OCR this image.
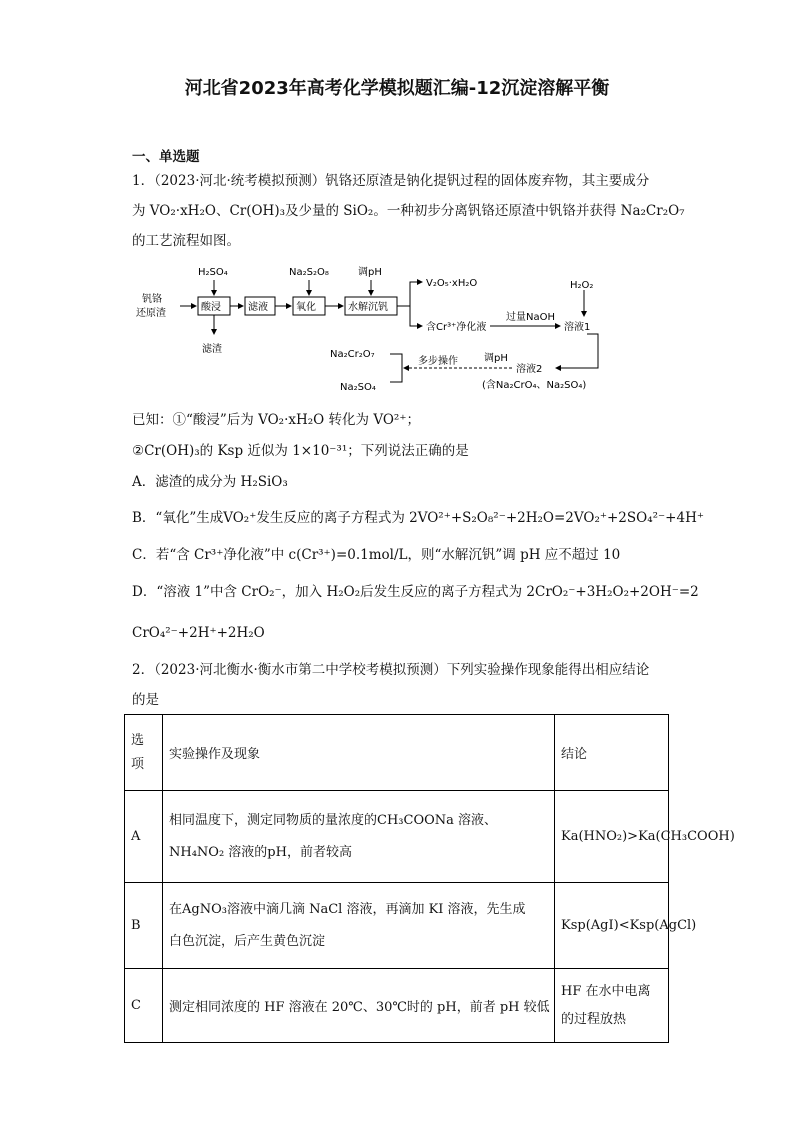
河北省2023年高考化学模拟题汇编-12沉淀溶解平衡
一、单选题
1．（2023·河北·统考模拟预测）钒铬还原渣是钠化提钒过程的固体废弃物，其主要成分
为 VO₂·xH₂O、Cr(OH)₃及少量的 SiO₂。一种初步分离钒铬还原渣中钒铬并获得 Na₂Cr₂O₇
的工艺流程如图。
钒铬
还原渣
酸浸	滤液	氧化	水解沉钒
H₂SO₄	Na₂S₂O₈	调pH
滤渣
V₂O₅·xH₂O
含Cr³⁺净化液
过量NaOH
H₂O₂
溶液1
调pH
溶液2
(含Na₂CrO₄、Na₂SO₄)
多步操作
Na₂Cr₂O₇
Na₂SO₄
已知：①“酸浸”后为 VO₂·xH₂O 转化为 VO²⁺；
②Cr(OH)₃的 Ksp 近似为 1×10⁻³¹；下列说法正确的是
A．滤渣的成分为 H₂SiO₃
B．“氧化”生成VO₂⁺发生反应的离子方程式为 2VO²⁺+S₂O₈²⁻+2H₂O=2VO₂⁺+2SO₄²⁻+4H⁺
C．若“含 Cr³⁺净化液”中 c(Cr³⁺)=0.1mol/L，则“水解沉钒”调 pH 应不超过 10
D．“溶液 1”中含 CrO₂⁻，加入 H₂O₂后发生反应的离子方程式为 2CrO₂⁻+3H₂O₂+2OH⁻=2
CrO₄²⁻+2H⁺+2H₂O
2．（2023·河北衡水·衡水市第二中学校考模拟预测）下列实验操作现象能得出相应结论
的是
选项	实验操作及现象	结论
A	相同温度下，测定同物质的量浓度的CH₃COONa 溶液、
NH₄NO₂ 溶液的pH，前者较高	Ka(HNO₂)>Ka(CH₃COOH)
B	在AgNO₃溶液中滴几滴 NaCl 溶液，再滴加 KI 溶液，先生成
白色沉淀，后产生黄色沉淀	Ksp(AgI)<Ksp(AgCl)
C	测定相同浓度的 HF 溶液在 20℃、30℃时的 pH，前者 pH 较低	HF 在水中电离
的过程放热
